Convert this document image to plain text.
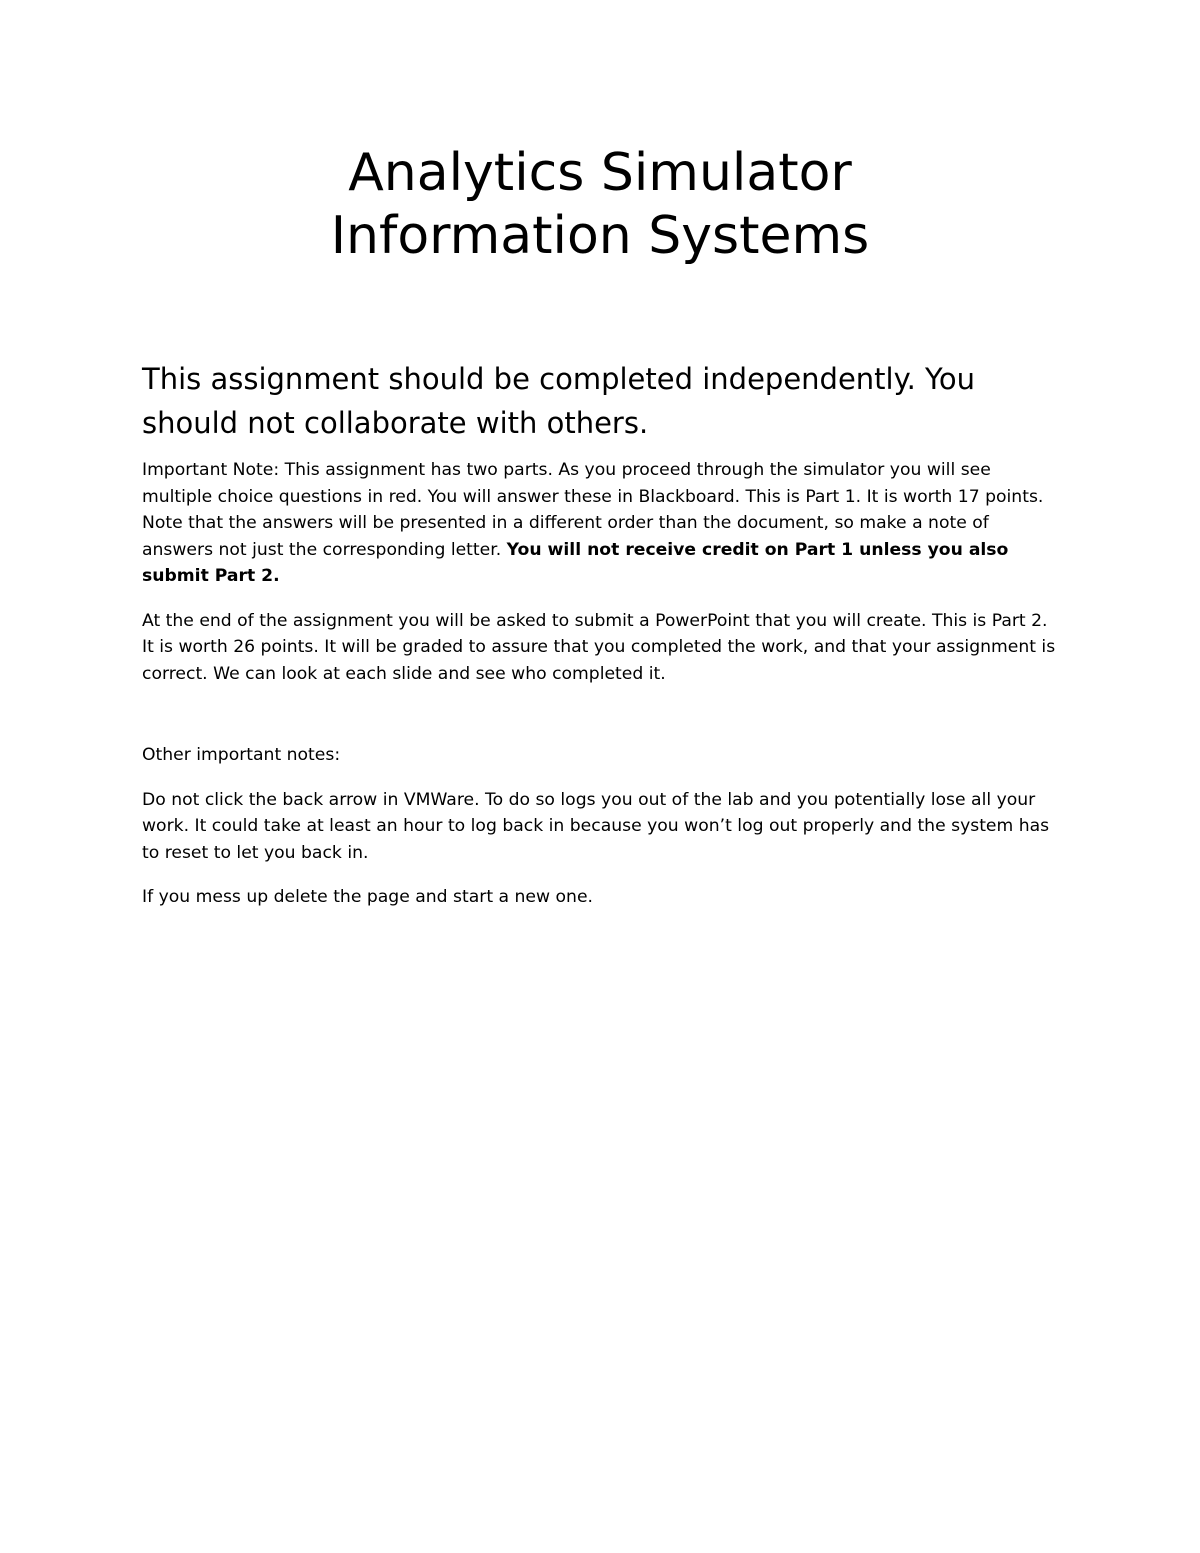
Analytics Simulator
Information Systems

This assignment should be completed independently. You should not collaborate with others.

Important Note: This assignment has two parts. As you proceed through the simulator you will see multiple choice questions in red. You will answer these in Blackboard. This is Part 1. It is worth 17 points. Note that the answers will be presented in a different order than the document, so make a note of answers not just the corresponding letter. You will not receive credit on Part 1 unless you also submit Part 2.

At the end of the assignment you will be asked to submit a PowerPoint that you will create. This is Part 2. It is worth 26 points. It will be graded to assure that you completed the work, and that your assignment is correct. We can look at each slide and see who completed it.

Other important notes:

Do not click the back arrow in VMWare. To do so logs you out of the lab and you potentially lose all your work. It could take at least an hour to log back in because you won’t log out properly and the system has to reset to let you back in.

If you mess up delete the page and start a new one.
